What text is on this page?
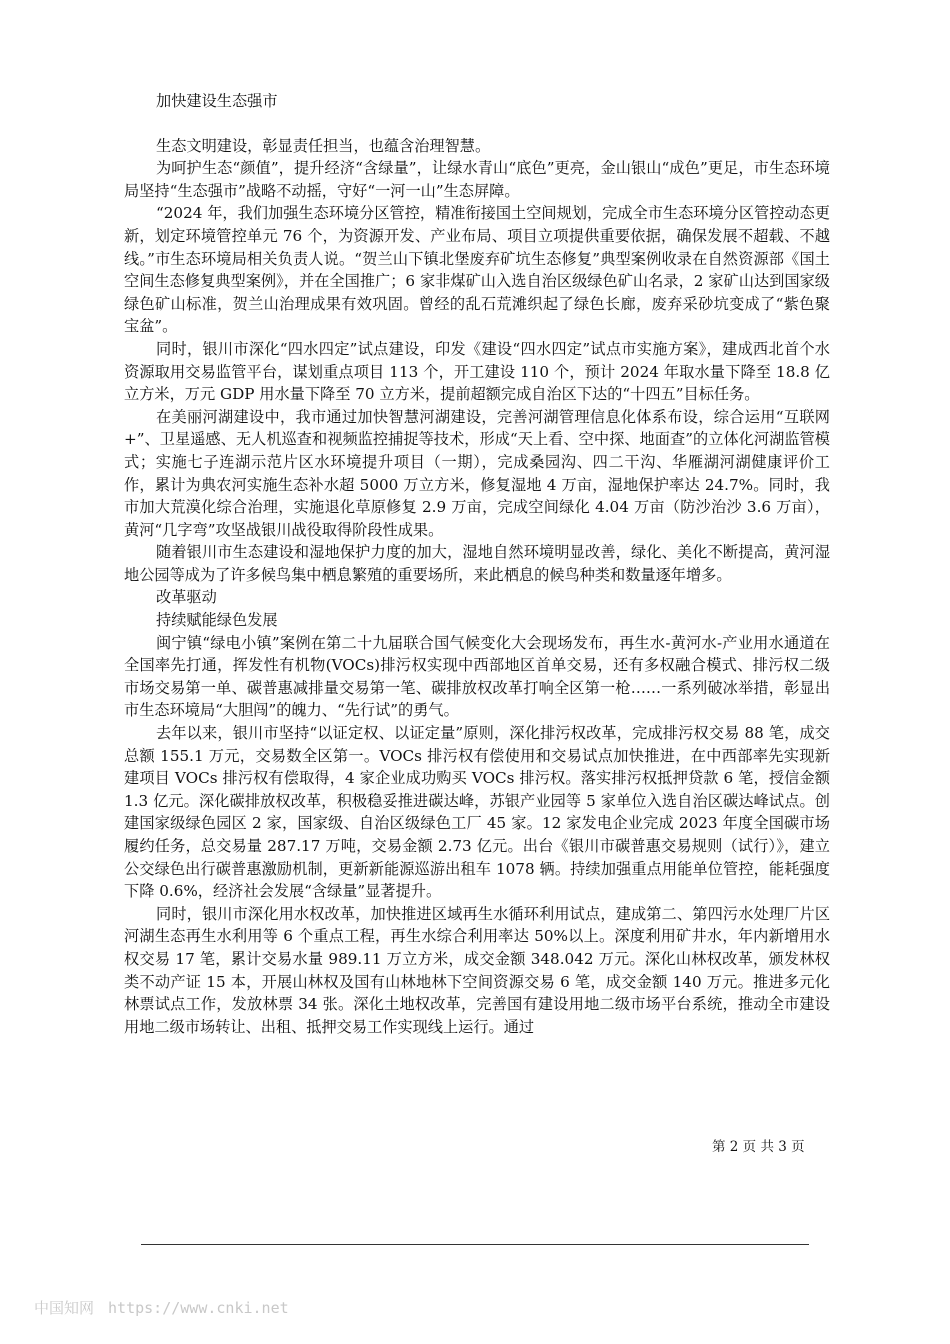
加快建设生态强市

生态文明建设，彰显责任担当，也蕴含治理智慧。

为呵护生态“颜值”，提升经济“含绿量”，让绿水青山“底色”更亮，金山银山“成色”更足，市生态环境局坚持“生态强市”战略不动摇，守好“一河一山”生态屏障。

“2024 年，我们加强生态环境分区管控，精准衔接国土空间规划，完成全市生态环境分区管控动态更新，划定环境管控单元 76 个，为资源开发、产业布局、项目立项提供重要依据，确保发展不超载、不越线。”市生态环境局相关负责人说。“贺兰山下镇北堡废弃矿坑生态修复”典型案例收录在自然资源部《国土空间生态修复典型案例》，并在全国推广；6 家非煤矿山入选自治区级绿色矿山名录，2 家矿山达到国家级绿色矿山标准，贺兰山治理成果有效巩固。曾经的乱石荒滩织起了绿色长廊，废弃采砂坑变成了“紫色聚宝盆”。

同时，银川市深化“四水四定”试点建设，印发《建设“四水四定”试点市实施方案》，建成西北首个水资源取用交易监管平台，谋划重点项目 113 个，开工建设 110 个，预计 2024 年取水量下降至 18.8 亿立方米，万元 GDP 用水量下降至 70 立方米，提前超额完成自治区下达的“十四五”目标任务。

在美丽河湖建设中，我市通过加快智慧河湖建设，完善河湖管理信息化体系布设，综合运用“互联网+”、卫星遥感、无人机巡查和视频监控捕捉等技术，形成“天上看、空中探、地面查”的立体化河湖监管模式；实施七子连湖示范片区水环境提升项目（一期），完成桑园沟、四二干沟、华雁湖河湖健康评价工作，累计为典农河实施生态补水超 5000 万立方米，修复湿地 4 万亩，湿地保护率达 24.7%。同时，我市加大荒漠化综合治理，实施退化草原修复 2.9 万亩，完成空间绿化 4.04 万亩（防沙治沙 3.6 万亩），黄河“几字弯”攻坚战银川战役取得阶段性成果。

随着银川市生态建设和湿地保护力度的加大，湿地自然环境明显改善，绿化、美化不断提高，黄河湿地公园等成为了许多候鸟集中栖息繁殖的重要场所，来此栖息的候鸟种类和数量逐年增多。

改革驱动

持续赋能绿色发展

闽宁镇“绿电小镇”案例在第二十九届联合国气候变化大会现场发布，再生水-黄河水-产业用水通道在全国率先打通，挥发性有机物(VOCs)排污权实现中西部地区首单交易，还有多权融合模式、排污权二级市场交易第一单、碳普惠减排量交易第一笔、碳排放权改革打响全区第一枪……一系列破冰举措，彰显出市生态环境局“大胆闯”的魄力、“先行试”的勇气。

去年以来，银川市坚持“以证定权、以证定量”原则，深化排污权改革，完成排污权交易 88 笔，成交总额 155.1 万元，交易数全区第一。VOCs 排污权有偿使用和交易试点加快推进，在中西部率先实现新建项目 VOCs 排污权有偿取得，4 家企业成功购买 VOCs 排污权。落实排污权抵押贷款 6 笔，授信金额 1.3 亿元。深化碳排放权改革，积极稳妥推进碳达峰，苏银产业园等 5 家单位入选自治区碳达峰试点。创建国家级绿色园区 2 家，国家级、自治区级绿色工厂 45 家。12 家发电企业完成 2023 年度全国碳市场履约任务，总交易量 287.17 万吨，交易金额 2.73 亿元。出台《银川市碳普惠交易规则（试行）》，建立公交绿色出行碳普惠激励机制，更新新能源巡游出租车 1078 辆。持续加强重点用能单位管控，能耗强度下降 0.6%，经济社会发展“含绿量”显著提升。

同时，银川市深化用水权改革，加快推进区域再生水循环利用试点，建成第二、第四污水处理厂片区河湖生态再生水利用等 6 个重点工程，再生水综合利用率达 50%以上。深度利用矿井水，年内新增用水权交易 17 笔，累计交易水量 989.11 万立方米，成交金额 348.042 万元。深化山林权改革，颁发林权类不动产证 15 本，开展山林权及国有山林地林下空间资源交易 6 笔，成交金额 140 万元。推进多元化林票试点工作，发放林票 34 张。深化土地权改革，完善国有建设用地二级市场平台系统，推动全市建设用地二级市场转让、出租、抵押交易工作实现线上运行。通过

第 2 页 共 3 页
中国知网 https://www.cnki.net
